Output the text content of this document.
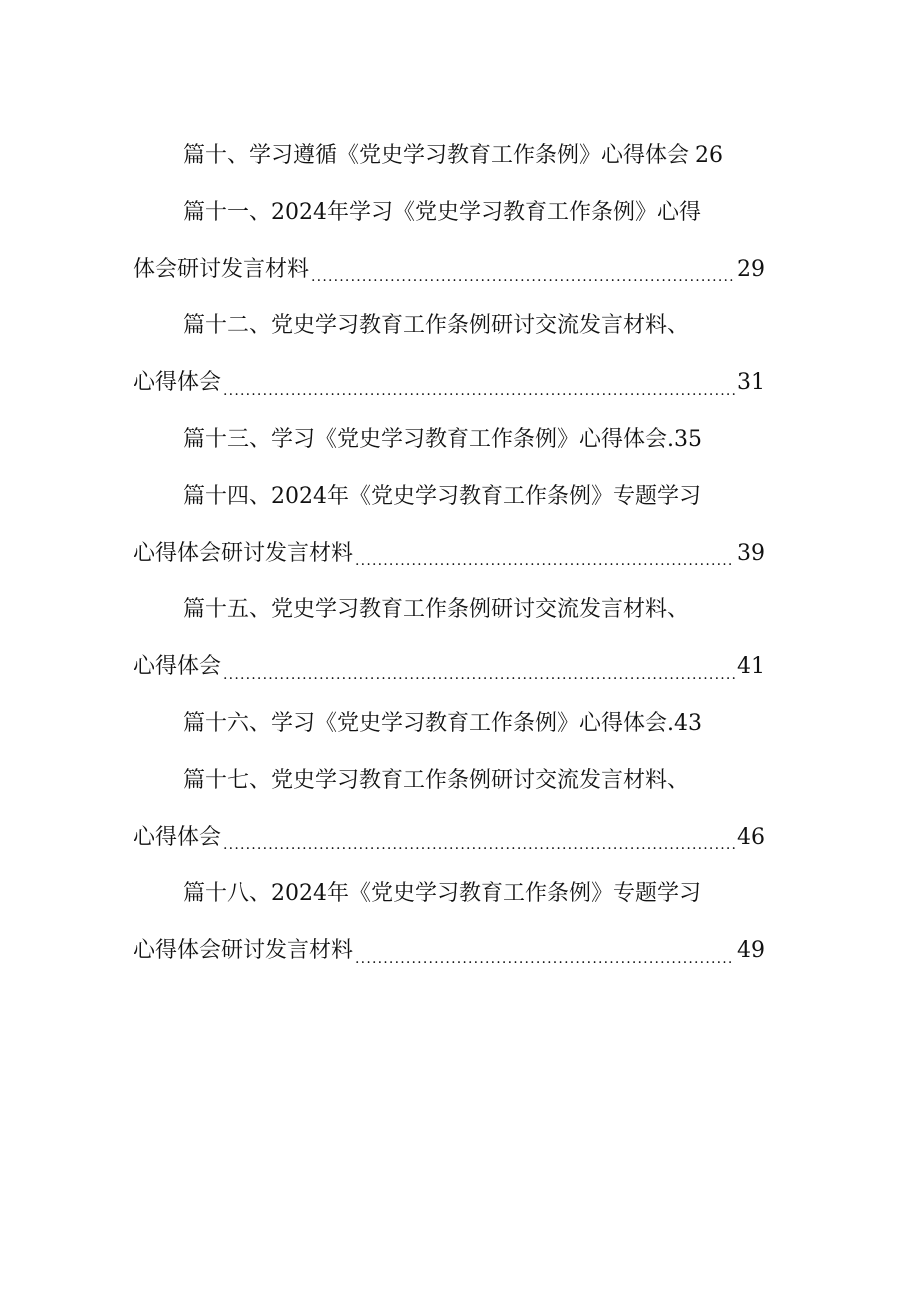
篇十、学习遵循《党史学习教育工作条例》心得体会 26
篇十一、2024年学习《党史学习教育工作条例》心得
体会研讨发言材料 .....	29
篇十二、党史学习教育工作条例研讨交流发言材料、
心得体会 .....	31
篇十三、学习《党史学习教育工作条例》心得体会. 35
篇十四、2024年《党史学习教育工作条例》专题学习
心得体会研讨发言材料 .....	39
篇十五、党史学习教育工作条例研讨交流发言材料、
心得体会 .....	41
篇十六、学习《党史学习教育工作条例》心得体会. 43
篇十七、党史学习教育工作条例研讨交流发言材料、
心得体会 .....	46
篇十八、2024年《党史学习教育工作条例》专题学习
心得体会研讨发言材料 .....	49
